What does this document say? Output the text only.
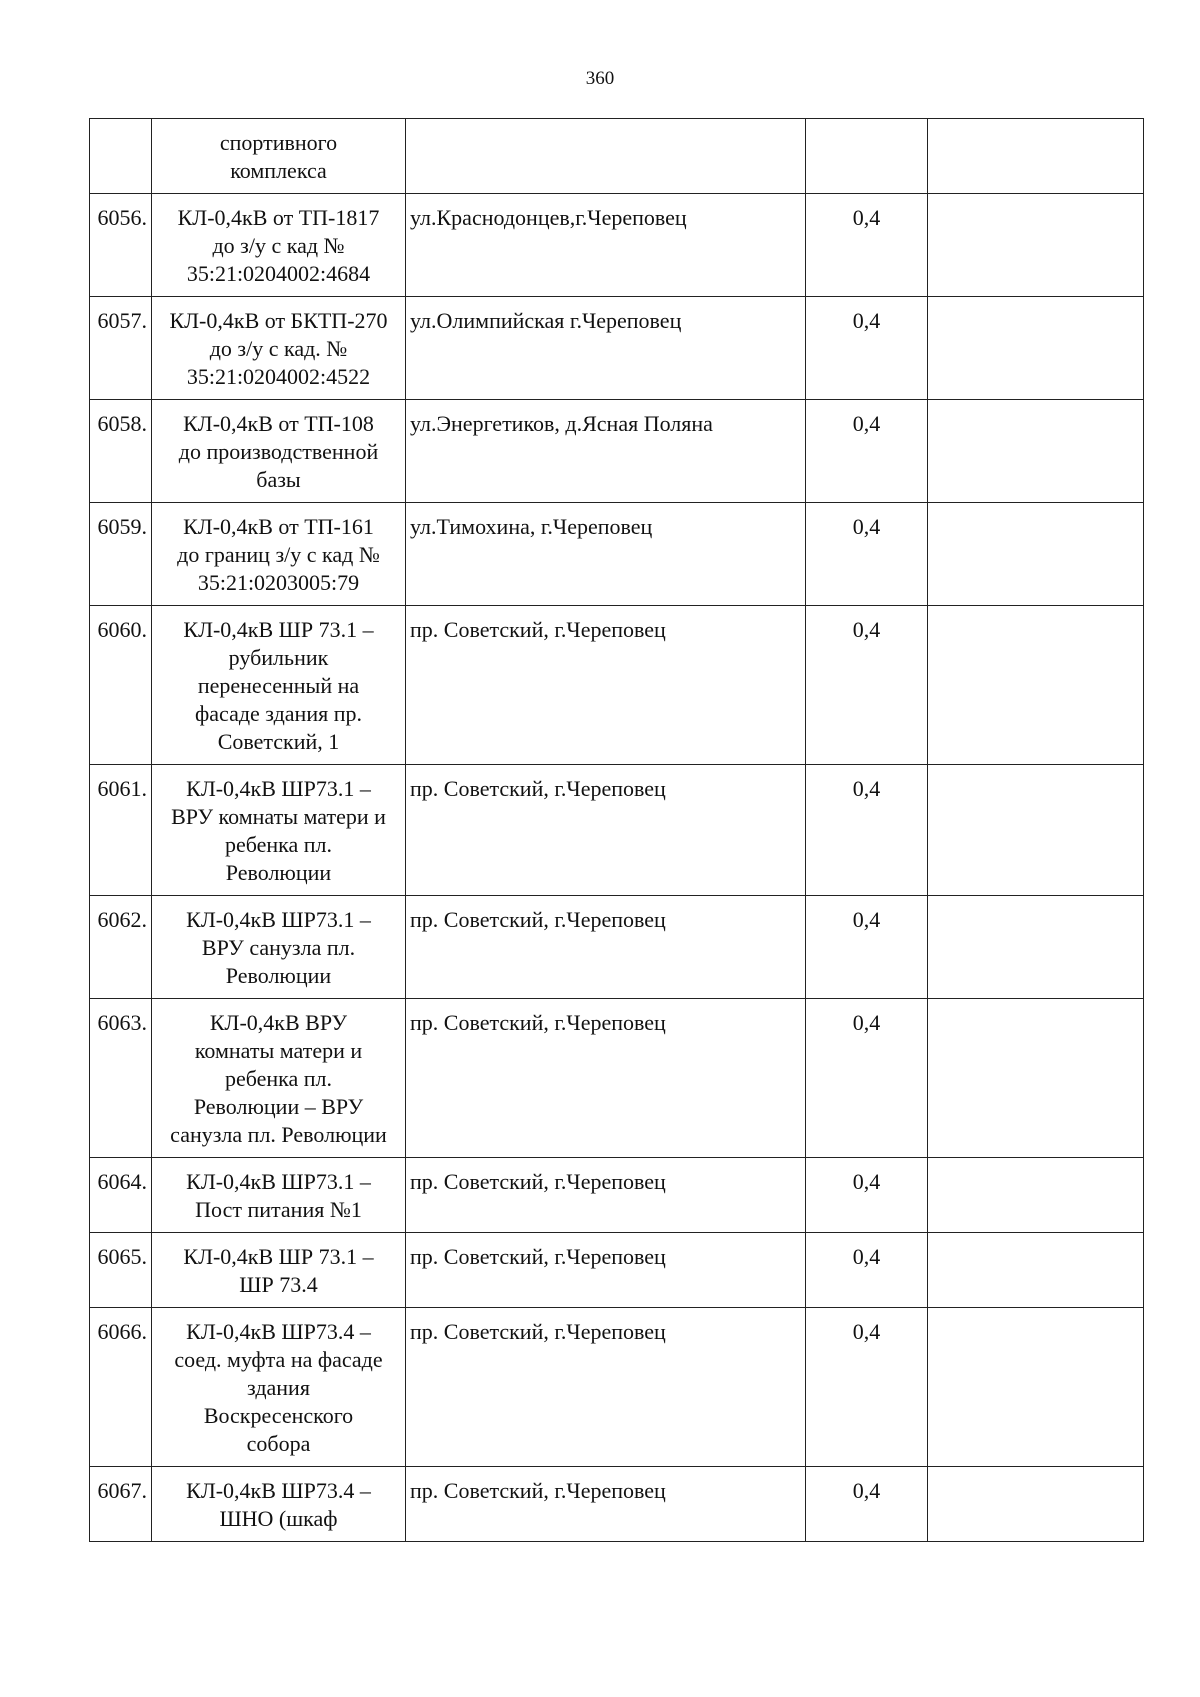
360

	спортивного
комплекса			

6056.	КЛ-0,4кВ от ТП-1817
до з/у с кад №
35:21:0204002:4684	ул.Краснодонцев,г.Череповец	0,4	
6057.	КЛ-0,4кВ от БКТП-270
до з/у с кад. №
35:21:0204002:4522	ул.Олимпийская г.Череповец	0,4	
6058.	КЛ-0,4кВ от ТП-108
до производственной
базы	ул.Энергетиков, д.Ясная Поляна	0,4	
6059.	КЛ-0,4кВ от ТП-161
до границ з/у с кад №
35:21:0203005:79	ул.Тимохина, г.Череповец	0,4	
6060.	КЛ-0,4кВ ШР 73.1 –
рубильник
перенесенный на
фасаде здания пр.
Советский, 1	пр. Советский, г.Череповец	0,4	
6061.	КЛ-0,4кВ ШР73.1 –
ВРУ комнаты матери и
ребенка пл.
Революции	пр. Советский, г.Череповец	0,4	
6062.	КЛ-0,4кВ ШР73.1 –
ВРУ санузла пл.
Революции	пр. Советский, г.Череповец	0,4	
6063.	КЛ-0,4кВ ВРУ
комнаты матери и
ребенка пл.
Революции – ВРУ
санузла пл. Революции	пр. Советский, г.Череповец	0,4	
6064.	КЛ-0,4кВ ШР73.1 –
Пост питания №1	пр. Советский, г.Череповец	0,4	
6065.	КЛ-0,4кВ ШР 73.1 –
ШР 73.4	пр. Советский, г.Череповец	0,4	
6066.	КЛ-0,4кВ ШР73.4 –
соед. муфта на фасаде
здания
Воскресенского
собора	пр. Советский, г.Череповец	0,4	
6067.	КЛ-0,4кВ ШР73.4 –
ШНО (шкаф	пр. Советский, г.Череповец	0,4	
